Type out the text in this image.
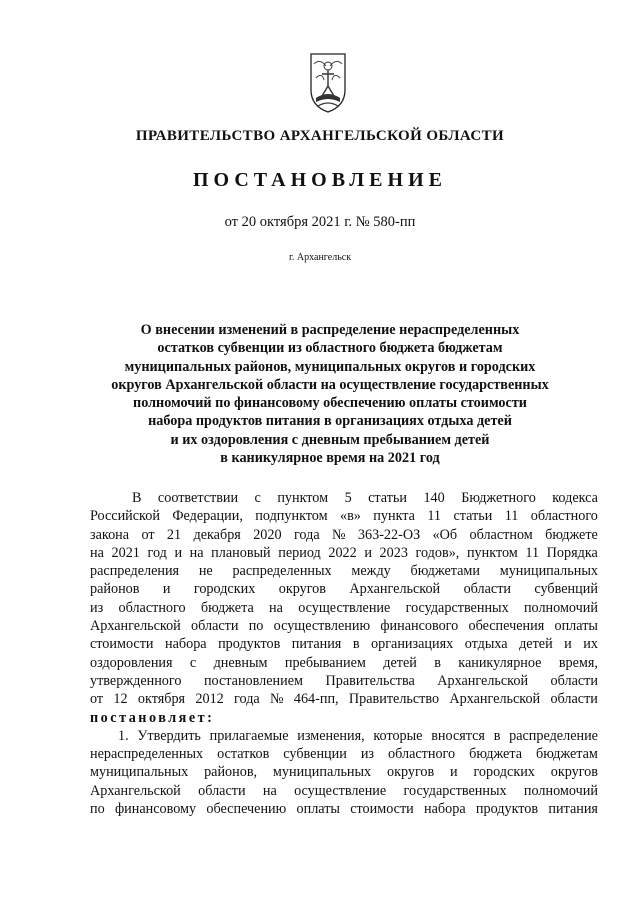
ПРАВИТЕЛЬСТВО АРХАНГЕЛЬСКОЙ ОБЛАСТИ
ПОСТАНОВЛЕНИЕ
от 20 октября 2021 г. № 580-пп
г. Архангельск
О внесении изменений в распределение нераспределенных
остатков субвенции из областного бюджета бюджетам
муниципальных районов, муниципальных округов и городских
округов Архангельской области на осуществление государственных
полномочий по финансовому обеспечению оплаты стоимости
набора продуктов питания в организациях отдыха детей
и их оздоровления с дневным пребыванием детей
в каникулярное время на 2021 год
В соответствии с пунктом 5 статьи 140 Бюджетного кодекса
Российской Федерации, подпунктом «в» пункта 11 статьи 11 областного
закона от 21 декабря 2020 года № 363-22-ОЗ «Об областном бюджете
на 2021 год и на плановый период 2022 и 2023 годов», пунктом 11 Порядка
распределения не распределенных между бюджетами муниципальных
районов и городских округов Архангельской области субвенций
из областного бюджета на осуществление государственных полномочий
Архангельской области по осуществлению финансового обеспечения оплаты
стоимости набора продуктов питания в организациях отдыха детей и их
оздоровления с дневным пребыванием детей в каникулярное время,
утвержденного постановлением Правительства Архангельской области
от 12 октября 2012 года № 464-пп, Правительство Архангельской области
постановляет :
1. Утвердить прилагаемые изменения, которые вносятся в распределение
нераспределенных остатков субвенции из областного бюджета бюджетам
муниципальных районов, муниципальных округов и городских округов
Архангельской области на осуществление государственных полномочий
по финансовому обеспечению оплаты стоимости набора продуктов питания
